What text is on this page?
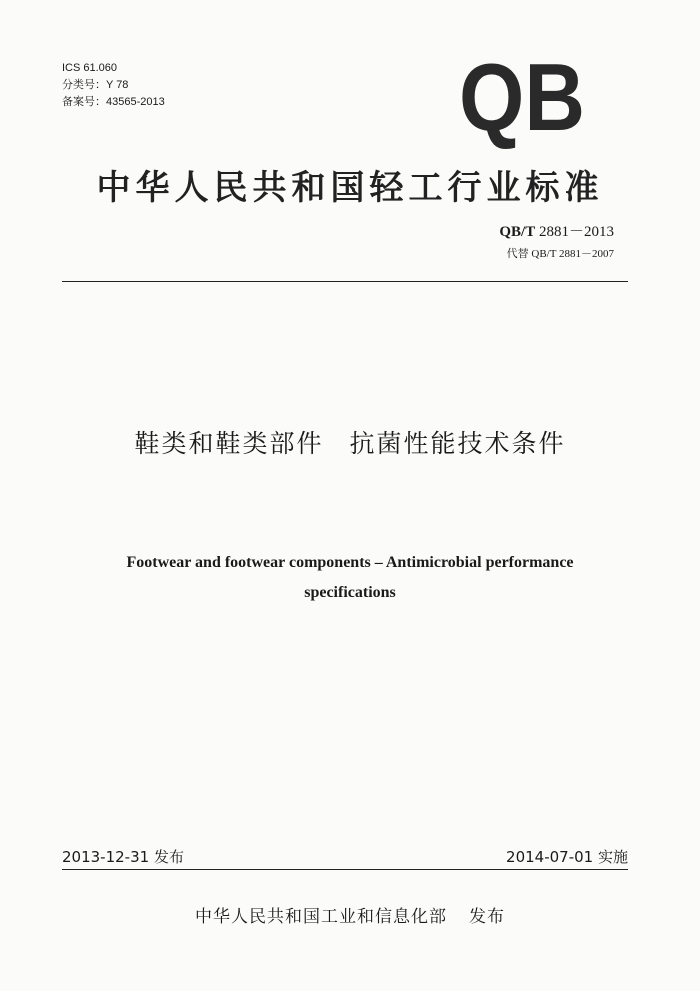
ICS 61.060
分类号：Y 78
备案号：43565-2013	QB
中华人民共和国轻工行业标准
QB/T 2881－2013
代替 QB/T 2881－2007
鞋类和鞋类部件 抗菌性能技术条件
Footwear and footwear components – Antimicrobial performance
specifications
2013-12-31 发布	2014-07-01 实施
中华人民共和国工业和信息化部 发布
